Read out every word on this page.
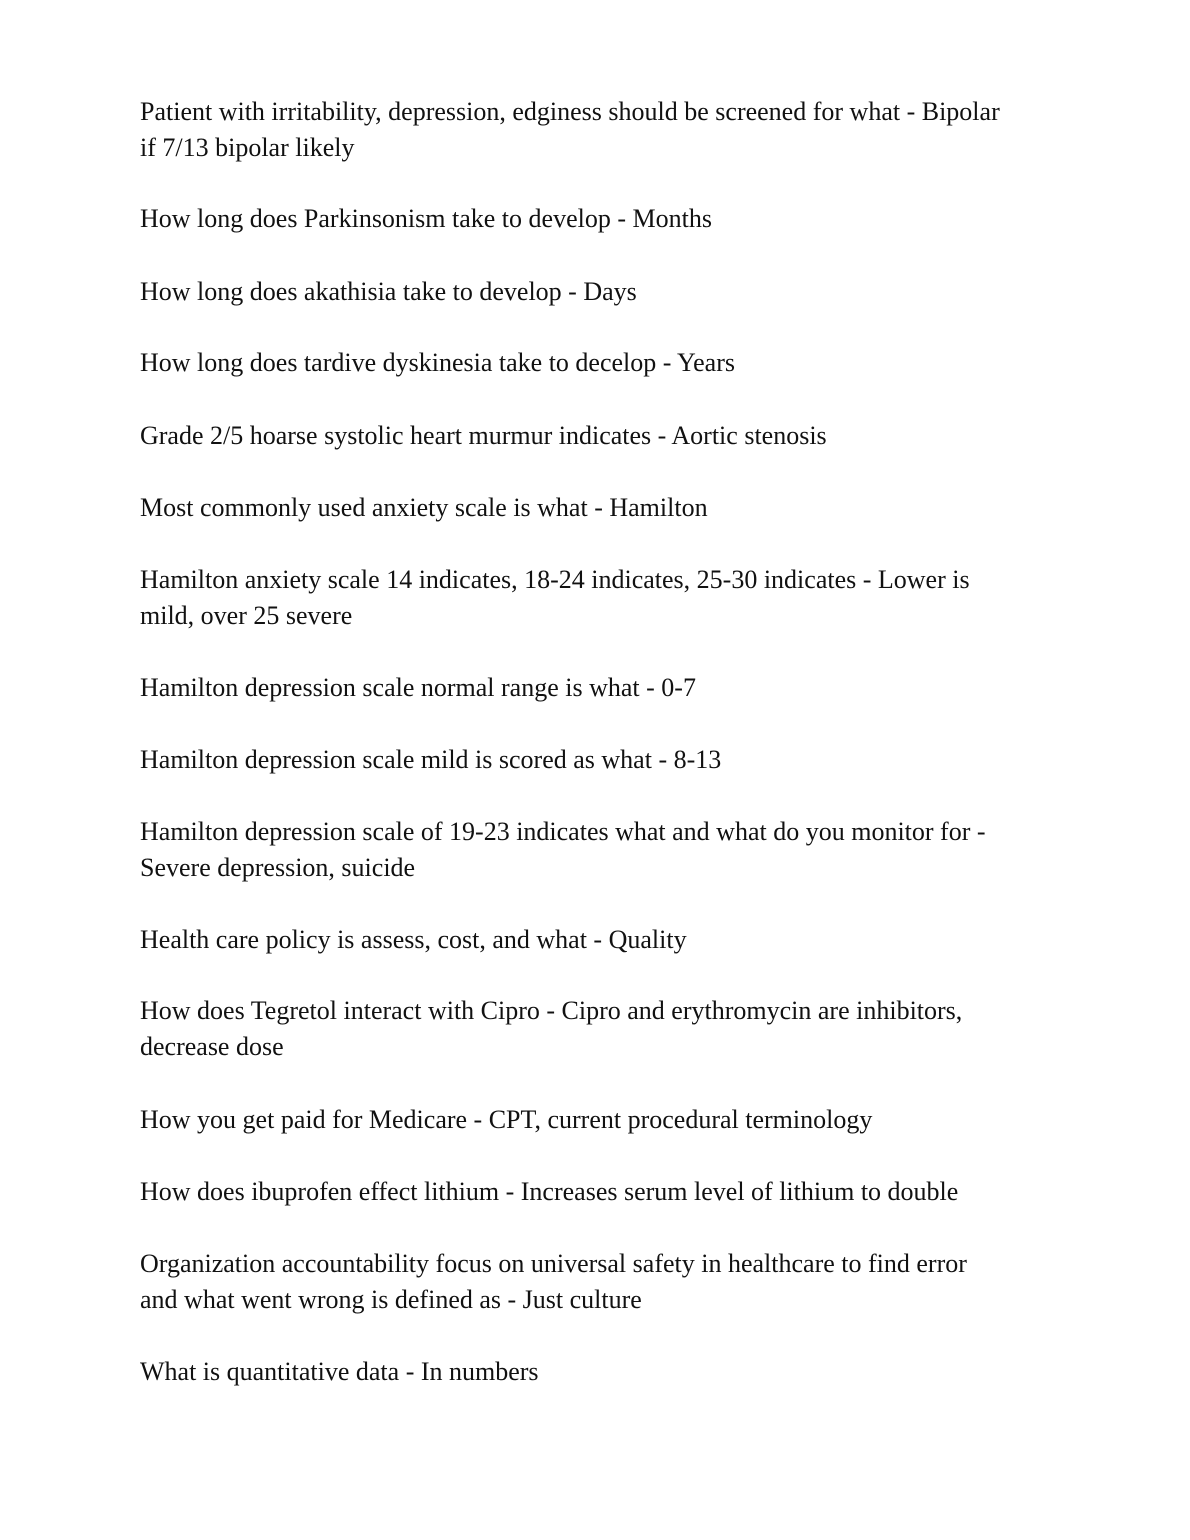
Patient with irritability, depression, edginess should be screened for what - Bipolar
if 7/13 bipolar likely

How long does Parkinsonism take to develop - Months

How long does akathisia take to develop - Days

How long does tardive dyskinesia take to decelop - Years

Grade 2/5 hoarse systolic heart murmur indicates - Aortic stenosis

Most commonly used anxiety scale is what - Hamilton

Hamilton anxiety scale 14 indicates, 18-24 indicates, 25-30 indicates - Lower is
mild, over 25 severe

Hamilton depression scale normal range is what - 0-7

Hamilton depression scale mild is scored as what - 8-13

Hamilton depression scale of 19-23 indicates what and what do you monitor for -
Severe depression, suicide

Health care policy is assess, cost, and what - Quality

How does Tegretol interact with Cipro - Cipro and erythromycin are inhibitors,
decrease dose

How you get paid for Medicare - CPT, current procedural terminology

How does ibuprofen effect lithium - Increases serum level of lithium to double

Organization accountability focus on universal safety in healthcare to find error
and what went wrong is defined as - Just culture

What is quantitative data - In numbers
